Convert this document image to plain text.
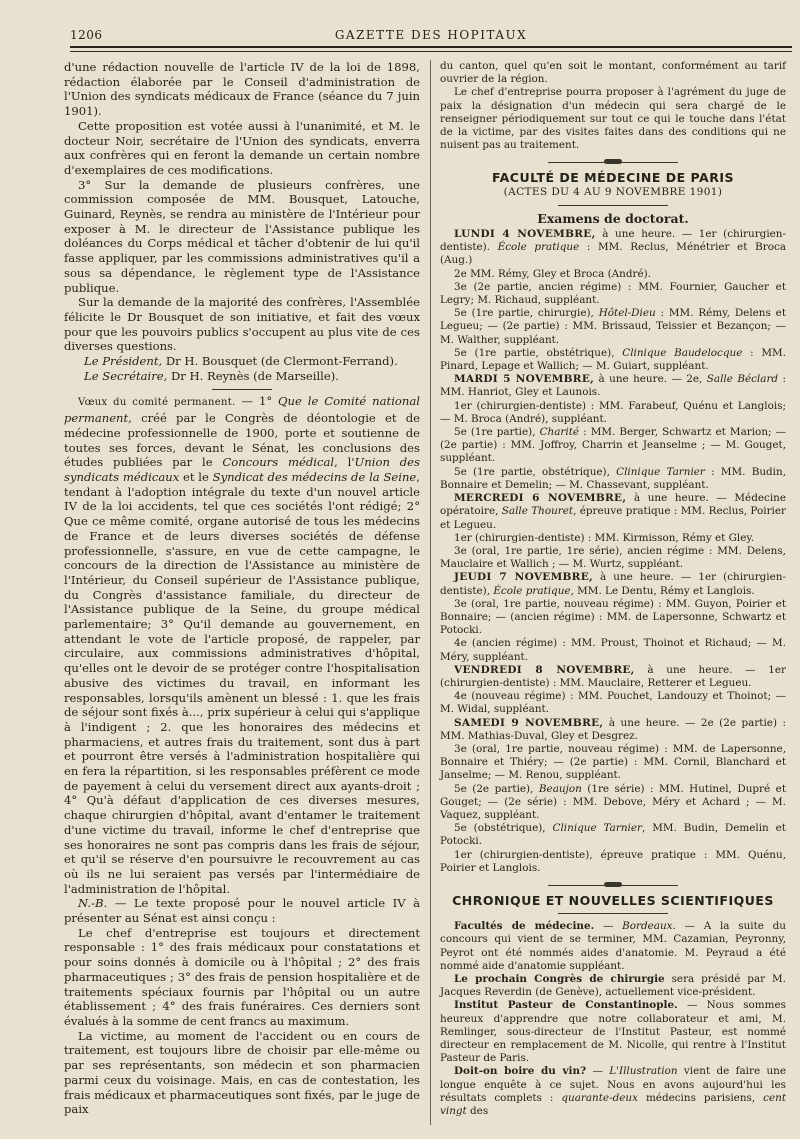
1206	GAZETTE DES HOPITAUX

d'une rédaction nouvelle de l'article IV de la loi de 1898, rédaction élaborée par le Conseil d'administration de l'Union des syndicats médicaux de France (séance du 7 juin 1901).

Cette proposition est votée aussi à l'unanimité, et M. le docteur Noir, secrétaire de l'Union des syndicats, enverra aux confrères qui en feront la demande un certain nombre d'exemplaires de ces modifications.

3° Sur la demande de plusieurs confrères, une commission composée de MM. Bousquet, Latouche, Guinard, Reynès, se rendra au ministère de l'Intérieur pour exposer à M. le directeur de l'Assistance publique les doléances du Corps médical et tâcher d'obtenir de lui qu'il fasse appliquer, par les commissions administratives qu'il a sous sa dépendance, le règlement type de l'Assistance publique.

Sur la demande de la majorité des confrères, l'Assemblée félicite le Dr Bousquet de son initiative, et fait des vœux pour que les pouvoirs publics s'occupent au plus vite de ces diverses questions.

Le Président, Dr H. Bousquet (de Clermont-Ferrand).

Le Secrétaire, Dr H. Reynès (de Marseille).

Vœux du comité permanent. — 1° Que le Comité national permanent, créé par le Congrès de déontologie et de médecine professionnelle de 1900, porte et soutienne de toutes ses forces, devant le Sénat, les conclusions des études publiées par le Concours médical, l'Union des syndicats médicaux et le Syndicat des médecins de la Seine, tendant à l'adoption intégrale du texte d'un nouvel article IV de la loi accidents, tel que ces sociétés l'ont rédigé; 2° Que ce même comité, organe autorisé de tous les médecins de France et de leurs diverses sociétés de défense professionnelle, s'assure, en vue de cette campagne, le concours de la direction de l'Assistance au ministère de l'Intérieur, du Conseil supérieur de l'Assistance publique, du Congrès d'assistance familiale, du directeur de l'Assistance publique de la Seine, du groupe médical parlementaire; 3° Qu'il demande au gouvernement, en attendant le vote de l'article proposé, de rappeler, par circulaire, aux commissions administratives d'hôpital, qu'elles ont le devoir de se protéger contre l'hospitalisation abusive des victimes du travail, en informant les responsables, lorsqu'ils amènent un blessé : 1. que les frais de séjour sont fixés à..., prix supérieur à celui qui s'applique à l'indigent ; 2. que les honoraires des médecins et pharmaciens, et autres frais du traitement, sont dus à part et pourront être versés à l'administration hospitalière qui en fera la répartition, si les responsables préfèrent ce mode de payement à celui du versement direct aux ayants-droit ; 4° Qu'à défaut d'application de ces diverses mesures, chaque chirurgien d'hôpital, avant d'entamer le traitement d'une victime du travail, informe le chef d'entreprise que ses honoraires ne sont pas compris dans les frais de séjour, et qu'il se réserve d'en poursuivre le recouvrement au cas où ils ne lui seraient pas versés par l'intermédiaire de l'administration de l'hôpital.

N.-B. — Le texte proposé pour le nouvel article IV à présenter au Sénat est ainsi conçu :

Le chef d'entreprise est toujours et directement responsable : 1° des frais médicaux pour constatations et pour soins donnés à domicile ou à l'hôpital ; 2° des frais pharmaceutiques ; 3° des frais de pension hospitalière et de traitements spéciaux fournis par l'hôpital ou un autre établissement ; 4° des frais funéraires. Ces derniers sont évalués à la somme de cent francs au maximum.

La victime, au moment de l'accident ou en cours de traitement, est toujours libre de choisir par elle-même ou par ses représentants, son médecin et son pharmacien parmi ceux du voisinage. Mais, en cas de contestation, les frais médicaux et pharmaceutiques sont fixés, par le juge de paix

du canton, quel qu'en soit le montant, conformément au tarif ouvrier de la région.

Le chef d'entreprise pourra proposer à l'agrément du juge de paix la désignation d'un médecin qui sera chargé de le renseigner périodiquement sur tout ce qui le touche dans l'état de la victime, par des visites faites dans des conditions qui ne nuisent pas au traitement.

FACULTÉ DE MÉDECINE DE PARIS
(ACTES DU 4 AU 9 NOVEMBRE 1901)
Examens de doctorat.

LUNDI 4 NOVEMBRE, à une heure. — 1er (chirurgien-dentiste). École pratique : MM. Reclus, Ménétrier et Broca (Aug.)

2e MM. Rémy, Gley et Broca (André).

3e (2e partie, ancien régime) : MM. Fournier, Gaucher et Legry; M. Richaud, suppléant.

5e (1re partie, chirurgie), Hôtel-Dieu : MM. Rémy, Delens et Legueu; — (2e partie) : MM. Brissaud, Teissier et Bezançon; — M. Walther, suppléant.

5e (1re partie, obstétrique), Clinique Baudelocque : MM. Pinard, Lepage et Wallich; — M. Guiart, suppléant.

MARDI 5 NOVEMBRE, à une heure. — 2e, Salle Béclard : MM. Hanriot, Gley et Launois.

1er (chirurgien-dentiste) : MM. Farabeuf, Quénu et Langlois; — M. Broca (André), suppléant.

5e (1re partie), Charité : MM. Berger, Schwartz et Marion; — (2e partie) : MM. Joffroy, Charrin et Jeanselme ; — M. Gouget, suppléant.

5e (1re partie, obstétrique), Clinique Tarnier : MM. Budin, Bonnaire et Demelin; — M. Chassevant, suppléant.

MERCREDI 6 NOVEMBRE, à une heure. — Médecine opératoire, Salle Thouret, épreuve pratique : MM. Reclus, Poirier et Legueu.

1er (chirurgien-dentiste) : MM. Kirmisson, Rémy et Gley.

3e (oral, 1re partie, 1re série), ancien régime : MM. Delens, Mauclaire et Wallich ; — M. Wurtz, suppléant.

JEUDI 7 NOVEMBRE, à une heure. — 1er (chirurgien-dentiste), École pratique, MM. Le Dentu, Rémy et Langlois.

3e (oral, 1re partie, nouveau régime) : MM. Guyon, Poirier et Bonnaire; — (ancien régime) : MM. de Lapersonne, Schwartz et Potocki.

4e (ancien régime) : MM. Proust, Thoinot et Richaud; — M. Méry, suppléant.

VENDREDI 8 NOVEMBRE, à une heure. — 1er (chirurgien-dentiste) : MM. Mauclaire, Retterer et Legueu.

4e (nouveau régime) : MM. Pouchet, Landouzy et Thoinot; — M. Widal, suppléant.

SAMEDI 9 NOVEMBRE, à une heure. — 2e (2e partie) : MM. Mathias-Duval, Gley et Desgrez.

3e (oral, 1re partie, nouveau régime) : MM. de Lapersonne, Bonnaire et Thiéry; — (2e partie) : MM. Cornil, Blanchard et Janselme; — M. Renou, suppléant.

5e (2e partie), Beaujon (1re série) : MM. Hutinel, Dupré et Gouget; — (2e série) : MM. Debove, Méry et Achard ; — M. Vaquez, suppléant.

5e (obstétrique), Clinique Tarnier, MM. Budin, Demelin et Potocki.

1er (chirurgien-dentiste), épreuve pratique : MM. Quénu, Poirier et Langlois.

CHRONIQUE ET NOUVELLES SCIENTIFIQUES

Facultés de médecine. — Bordeaux. — A la suite du concours qui vient de se terminer, MM. Cazamian, Peyronny, Peyrot ont été nommés aides d'anatomie. M. Peyraud a été nommé aide d'anatomie suppléant.

Le prochain Congrès de chirurgie sera présidé par M. Jacques Reverdin (de Genève), actuellement vice-président.

Institut Pasteur de Constantinople. — Nous sommes heureux d'apprendre que notre collaborateur et ami, M. Remlinger, sous-directeur de l'Institut Pasteur, est nommé directeur en remplacement de M. Nicolle, qui rentre à l'Institut Pasteur de Paris.

Doit-on boire du vin? — L'Illustration vient de faire une longue enquête à ce sujet. Nous en avons aujourd'hui les résultats complets : quarante-deux médecins parisiens, cent vingt des
